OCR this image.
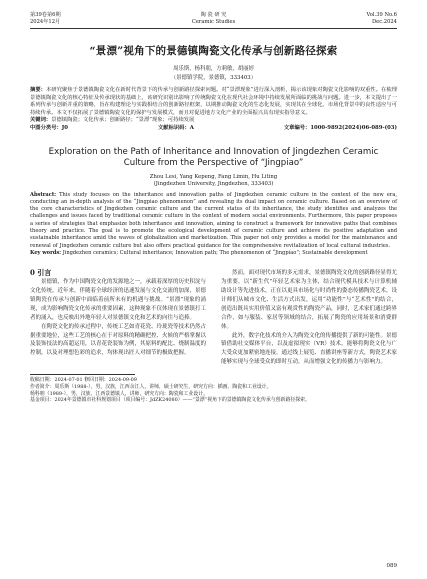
第39卷第6期
2024年12月
陶 瓷 研 究
Ceramic Studies
Vol.39 No.6
Dec.2024
“景漂”视角下的景德镇陶瓷文化传承与创新路径探索
周乐斯，杨科朋，方莉敏，胡丽婷
（景德镇学院，景德镇，333403）
摘要：本研究聚焦于景德镇陶瓷文化在新时代背景下的传承与创新路径探索问题。对“景漂现象”进行深入剖析，揭示该现象对陶瓷文化影响的双重性。在梳理景德镇陶瓷文化的核心特征及传承现状的基础上，该研究识别出影响了传统陶瓷文化在现代社会环境中持续发展所面临的挑战与问题。进一步，本文提出了一系列传承与创新并重的策略，旨在构建理论与实践相结合的创新路径框架，以期推动陶瓷文化的生态化发展，实现其在全球化、市场化背景中的良性适应与可持续传承。本文不仅拓展了景德镇陶瓷文化的保护与发展模式，而且对促进地方文化产业的全面振兴具有现实指导意义。
关键词：景德镇陶瓷；文化传承；创新路径；“景漂”现象；可持续发展
中图分类号：J0	文献标识码：A	文章编号：1000-9892(2024)06-089-(03)
Exploration on the Path of Inheritance and Innovation of Jingdezhen Ceramic
Culture from the Perspective of “Jingpiao”
Zhou Lesi, Yang Kepeng, Fang Limin, Hu Liting
(Jingdezhen University, Jingdezhen, 333403)
Abstract: This study focuses on the inheritance and innovation paths of Jingdezhen ceramic culture in the context of the new era, conducting an in-depth analysis of the “Jingpiao phenomenon” and revealing its dual impact on ceramic culture. Based on an overview of the core characteristics of Jingdezhen ceramic culture and the current status of its inheritance, the study identifies and analyzes the challenges and issues faced by traditional ceramic culture in the context of modern social environments. Furthermore, this paper proposes a series of strategies that emphasize both inheritance and innovation, aiming to construct a framework for innovative paths that combines theory and practice. The goal is to promote the ecological development of ceramic culture and achieve its positive adaptation and sustainable inheritance amid the waves of globalization and marketization. This paper not only provides a model for the maintenance and renewal of Jingdezhen ceramic culture but also offers practical guidance for the comprehensive revitalization of local cultural industries.
Key words: Jingdezhen ceramics; Cultural inheritance; Innovation path; The phenomenon of “Jingpiao”; Sustainable development

0 引言

景德镇，作为中国陶瓷文化的发源地之一，承载着深厚的历史积淀与文化传统。近年来，伴随着全球经济的迅速发展与文化交流的加深，景德镇陶瓷在传承与创新中面临着前所未有的机遇与挑战。“景漂”现象的涌现，成为影响陶瓷文化传承的重要因素，这种现象不仅体现在景德镇打工者的涌入，也反映出外地年轻人对景德镇文化和艺术的向往与追捧。

在陶瓷文化的传承过程中，传统工艺如青花瓷、玲珑瓷等技术仍然占据重要地位，这些工艺的核心在于对原料的精确把控、火候的严格掌握以及装饰技法的高超运用，以青花瓷装饰为例，其原料的配比、烧制温度的控制，以及对理想色彩的追求，均体现出匠人对细节的极致把握。

然而，面对现代市场的多元需求，景德镇陶瓷文化的创新路径显得尤为重要。以“新生代”年轻艺术家为主体，结合现代模具技术与计算机辅助设计等先进技术，正在以更具市场化与时尚性的姿态传播陶瓷艺术。设计师们从城市文化、生活方式出发，运用“功能性”与“艺术性”的结合，创造出既具实用价值又富有观赏性的陶瓷产品，同时，艺术家们通过跨界合作，如与服装、家居等领域的结合，拓展了陶瓷的应用场景和消费群体。

此外，数字化技术的介入为陶瓷文化的传播提供了新的可能性。景德镇借助社交媒体平台，以及虚拟现实（VR）技术，能够将陶瓷文化与广大受众更加紧密地连接。通过线上展览、直播讲座等新方式，陶瓷艺术家能够实现与全球受众的即时互动，从而增强文化的传播力与影响力。

收稿日期：2024-07-01 修回日期：2024-09-09
作者简介：周乐斯（1988-），男，汉族，江西余江人，讲师，硕士研究生，研究方向：插画、陶瓷和工业设计。
杨科朋（1989-），男，汉族，江西景德镇人，讲师，研究方向：陶瓷和工业设计。
基金项目：2024年景德镇市社科规划项目（项目编号：JdZK24080）——“景漂”视角下的景德镇陶瓷文化传承与创新路径探索。
089
